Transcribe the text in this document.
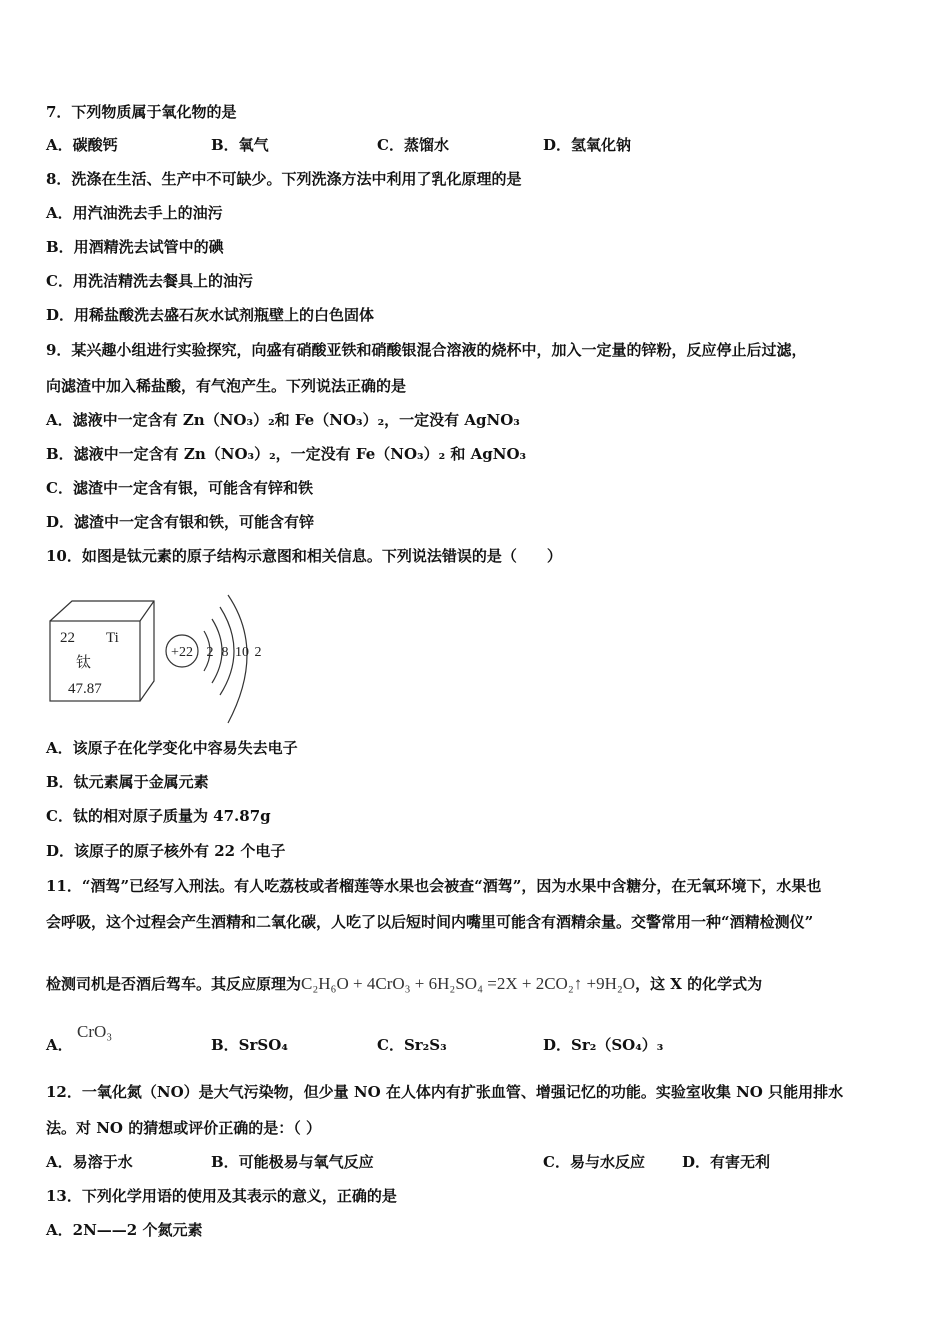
7．下列物质属于氧化物的是
A．碳酸钙	B．氧气	C．蒸馏水	D．氢氧化钠
8．洗涤在生活、生产中不可缺少。下列洗涤方法中利用了乳化原理的是
A．用汽油洗去手上的油污
B．用酒精洗去试管中的碘
C．用洗洁精洗去餐具上的油污
D．用稀盐酸洗去盛石灰水试剂瓶壁上的白色固体
9．某兴趣小组进行实验探究，向盛有硝酸亚铁和硝酸银混合溶液的烧杯中，加入一定量的锌粉，反应停止后过滤，
向滤渣中加入稀盐酸，有气泡产生。下列说法正确的是
A．滤液中一定含有 Zn（NO₃）₂和 Fe（NO₃）₂，一定没有 AgNO₃
B．滤液中一定含有 Zn（NO₃）₂，一定没有 Fe（NO₃）₂ 和 AgNO₃
C．滤渣中一定含有银，可能含有锌和铁
D．滤渣中一定含有银和铁，可能含有锌
10．如图是钛元素的原子结构示意图和相关信息。下列说法错误的是（　　）
22 Ti
钛
47.87
+22 2 8 10 2
A．该原子在化学变化中容易失去电子
B．钛元素属于金属元素
C．钛的相对原子质量为 47.87g
D．该原子的原子核外有 22 个电子
11．“酒驾”已经写入刑法。有人吃荔枝或者榴莲等水果也会被查“酒驾”，因为水果中含糖分，在无氧环境下，水果也
会呼吸，这个过程会产生酒精和二氧化碳，人吃了以后短时间内嘴里可能含有酒精余量。交警常用一种“酒精检测仪”
检测司机是否酒后驾车。其反应原理为C₂H₆O + 4CrO₃ + 6H₂SO₄ =2X + 2CO₂↑ +9H₂O，这 X 的化学式为
A．
CrO₃
B．SrSO₄	C．Sr₂S₃	D．Sr₂（SO₄）₃
12．一氧化氮（NO）是大气污染物，但少量 NO 在人体内有扩张血管、增强记忆的功能。实验室收集 NO 只能用排水
法。对 NO 的猜想或评价正确的是：（ ）
A．易溶于水	B．可能极易与氧气反应	C．易与水反应 D．有害无利
13．下列化学用语的使用及其表示的意义，正确的是
A．2N——2 个氮元素
